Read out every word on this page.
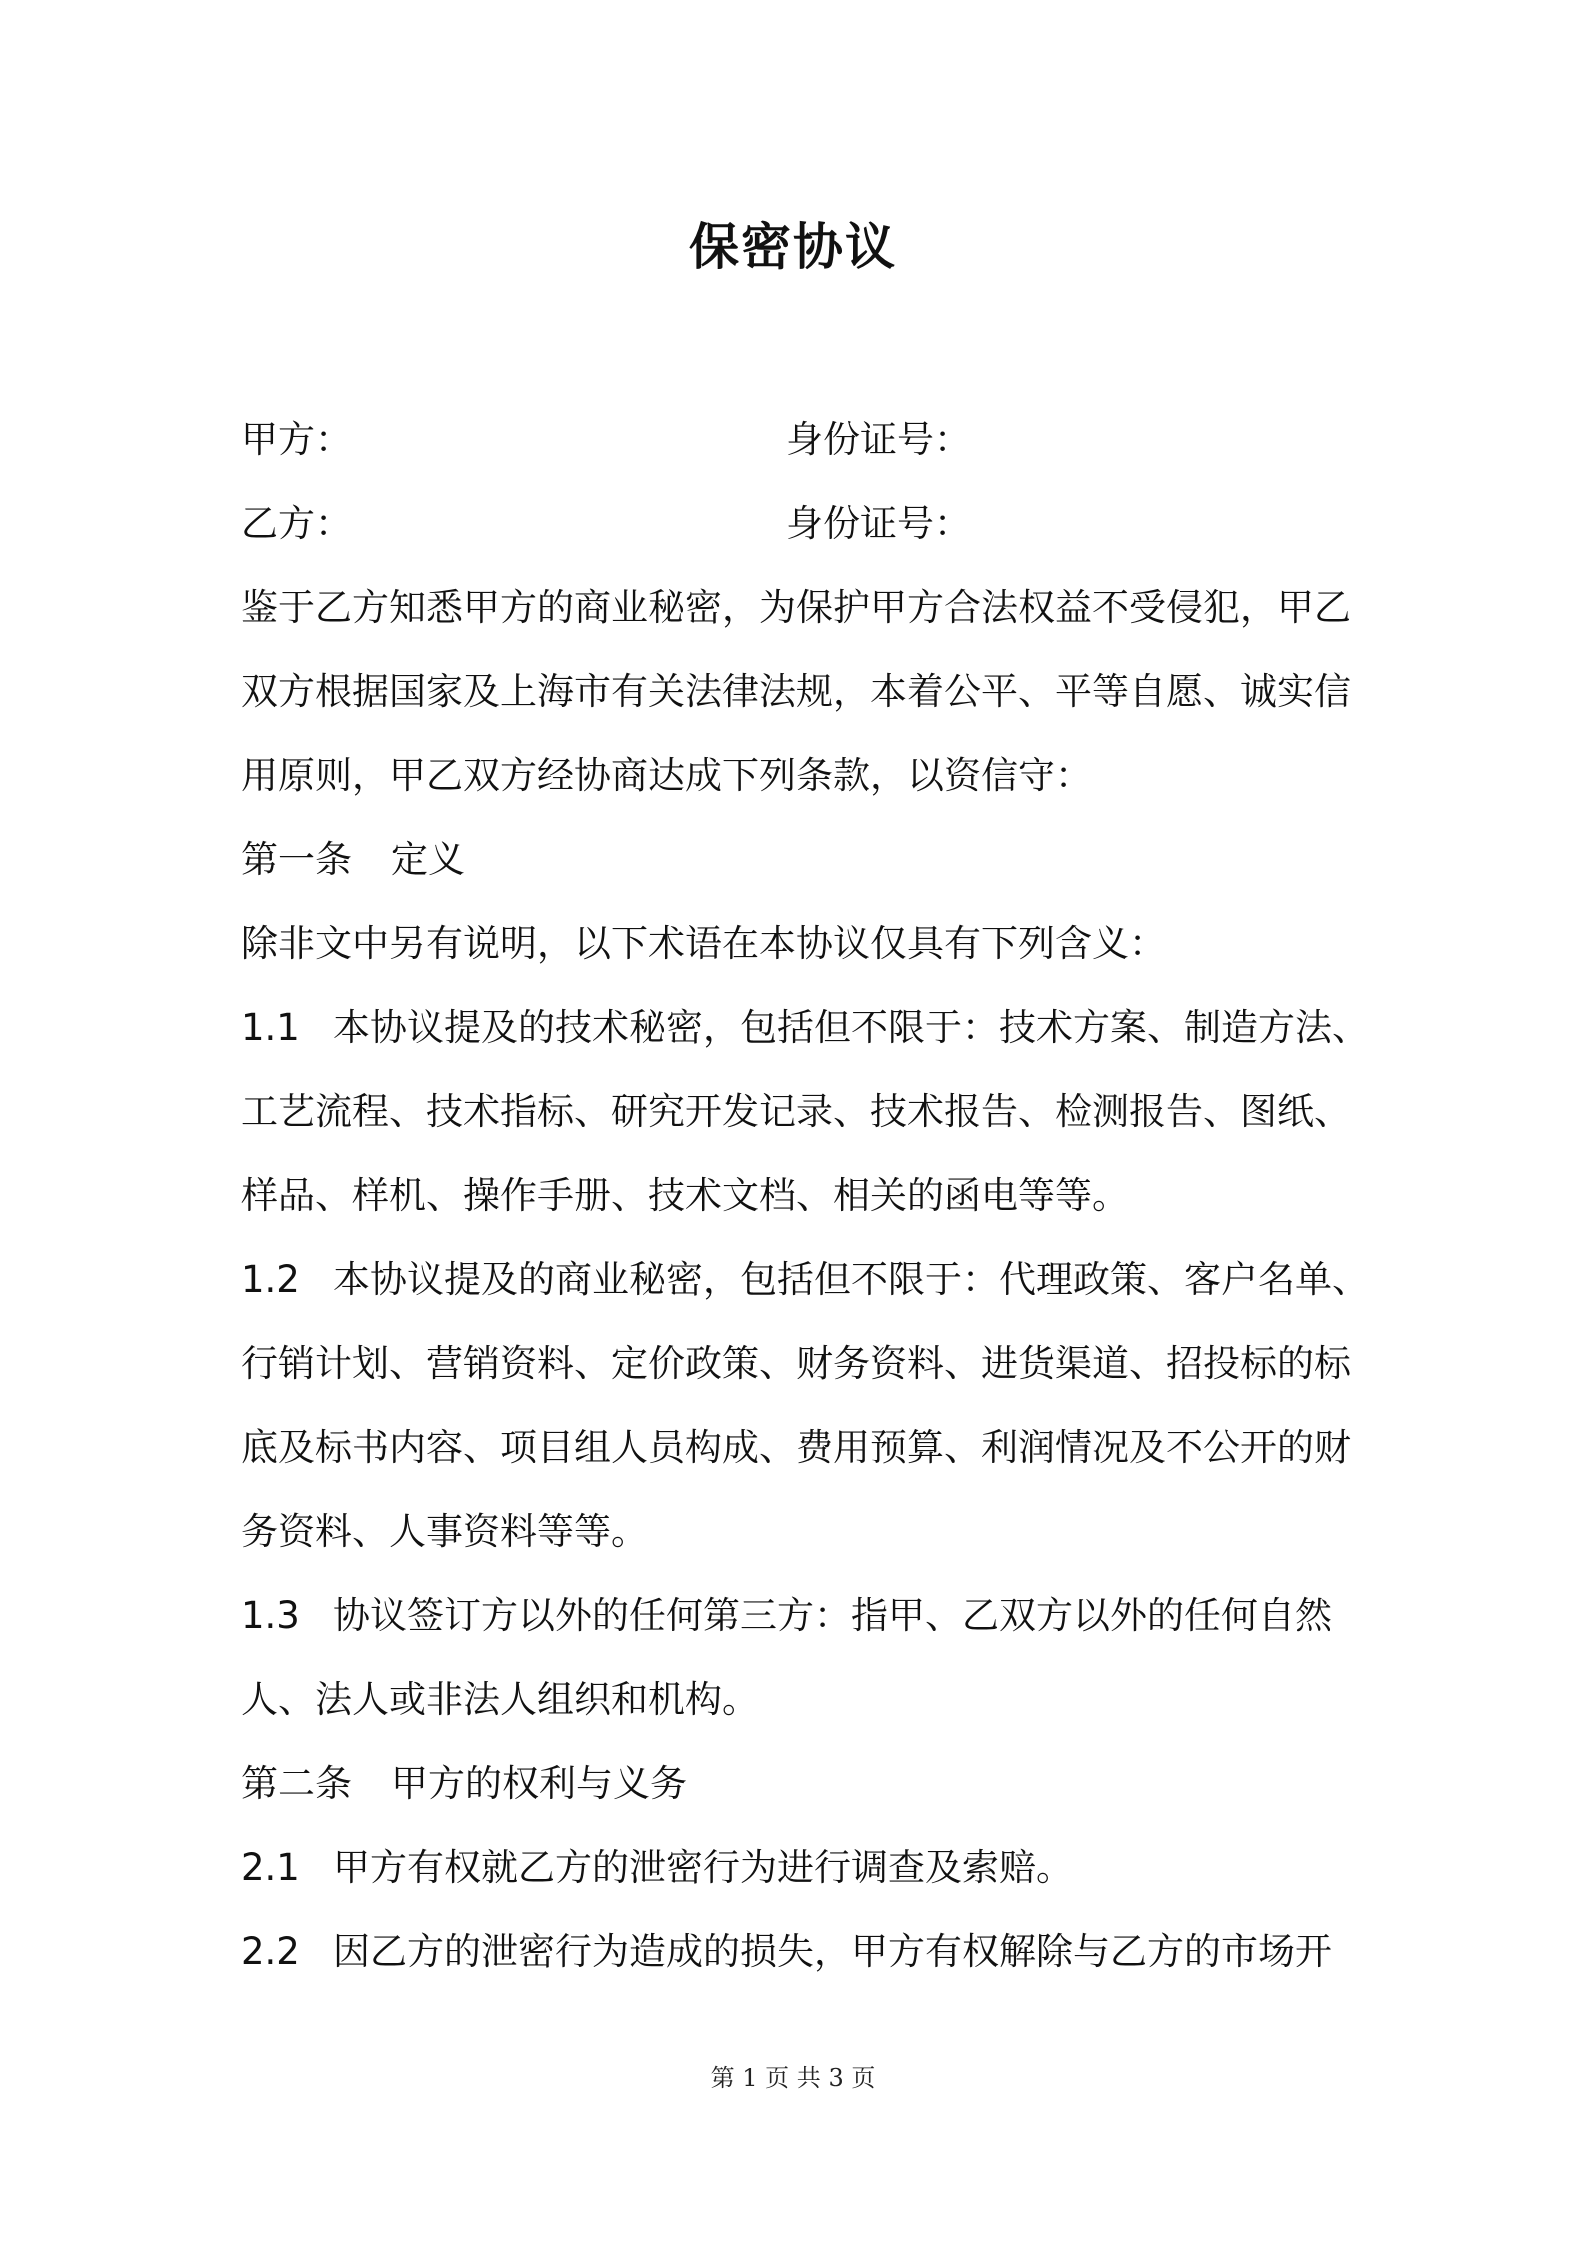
保密协议
甲方：	身份证号：
乙方：	身份证号：
鉴于乙方知悉甲方的商业秘密，为保护甲方合法权益不受侵犯，甲乙
双方根据国家及上海市有关法律法规，本着公平、平等自愿、诚实信
用原则，甲乙双方经协商达成下列条款，以资信守：
第一条 定义
除非文中另有说明，以下术语在本协议仅具有下列含义：
1.1 本协议提及的技术秘密，包括但不限于：技术方案、制造方法、
工艺流程、技术指标、研究开发记录、技术报告、检测报告、图纸、
样品、样机、操作手册、技术文档、相关的函电等等。
1.2 本协议提及的商业秘密，包括但不限于：代理政策、客户名单、
行销计划、营销资料、定价政策、财务资料、进货渠道、招投标的标
底及标书内容、项目组人员构成、费用预算、利润情况及不公开的财
务资料、人事资料等等。
1.3 协议签订方以外的任何第三方：指甲、乙双方以外的任何自然
人、法人或非法人组织和机构。
第二条 甲方的权利与义务
2.1 甲方有权就乙方的泄密行为进行调查及索赔。
2.2 因乙方的泄密行为造成的损失，甲方有权解除与乙方的市场开
第 1 页 共 3 页
